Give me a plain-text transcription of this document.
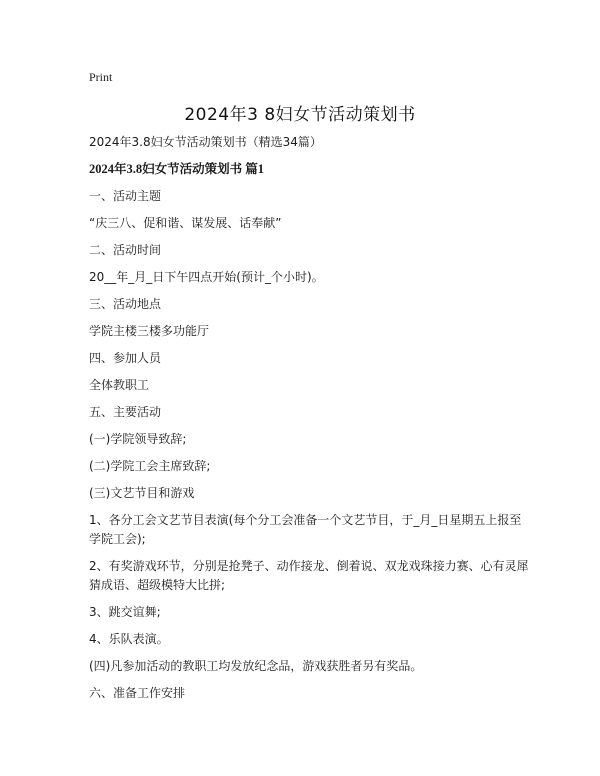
Print
2024年3 8妇女节活动策划书

2024年3.8妇女节活动策划书（精选34篇）

2024年3.8妇女节活动策划书 篇1

一、活动主题

“庆三八、促和谐、谋发展、话奉献”

二、活动时间

20__年_月_日下午四点开始(预计_个小时)。

三、活动地点

学院主楼三楼多功能厅

四、参加人员

全体教职工

五、主要活动

(一)学院领导致辞;

(二)学院工会主席致辞;

(三)文艺节目和游戏

1、各分工会文艺节目表演(每个分工会准备一个文艺节目，于_月_日星期五上报至学院工会);

2、有奖游戏环节，分别是抢凳子、动作接龙、倒着说、双龙戏珠接力赛、心有灵犀猜成语、超级模特大比拼;

3、跳交谊舞;

4、乐队表演。

(四)凡参加活动的教职工均发放纪念品，游戏获胜者另有奖品。

六、准备工作安排
